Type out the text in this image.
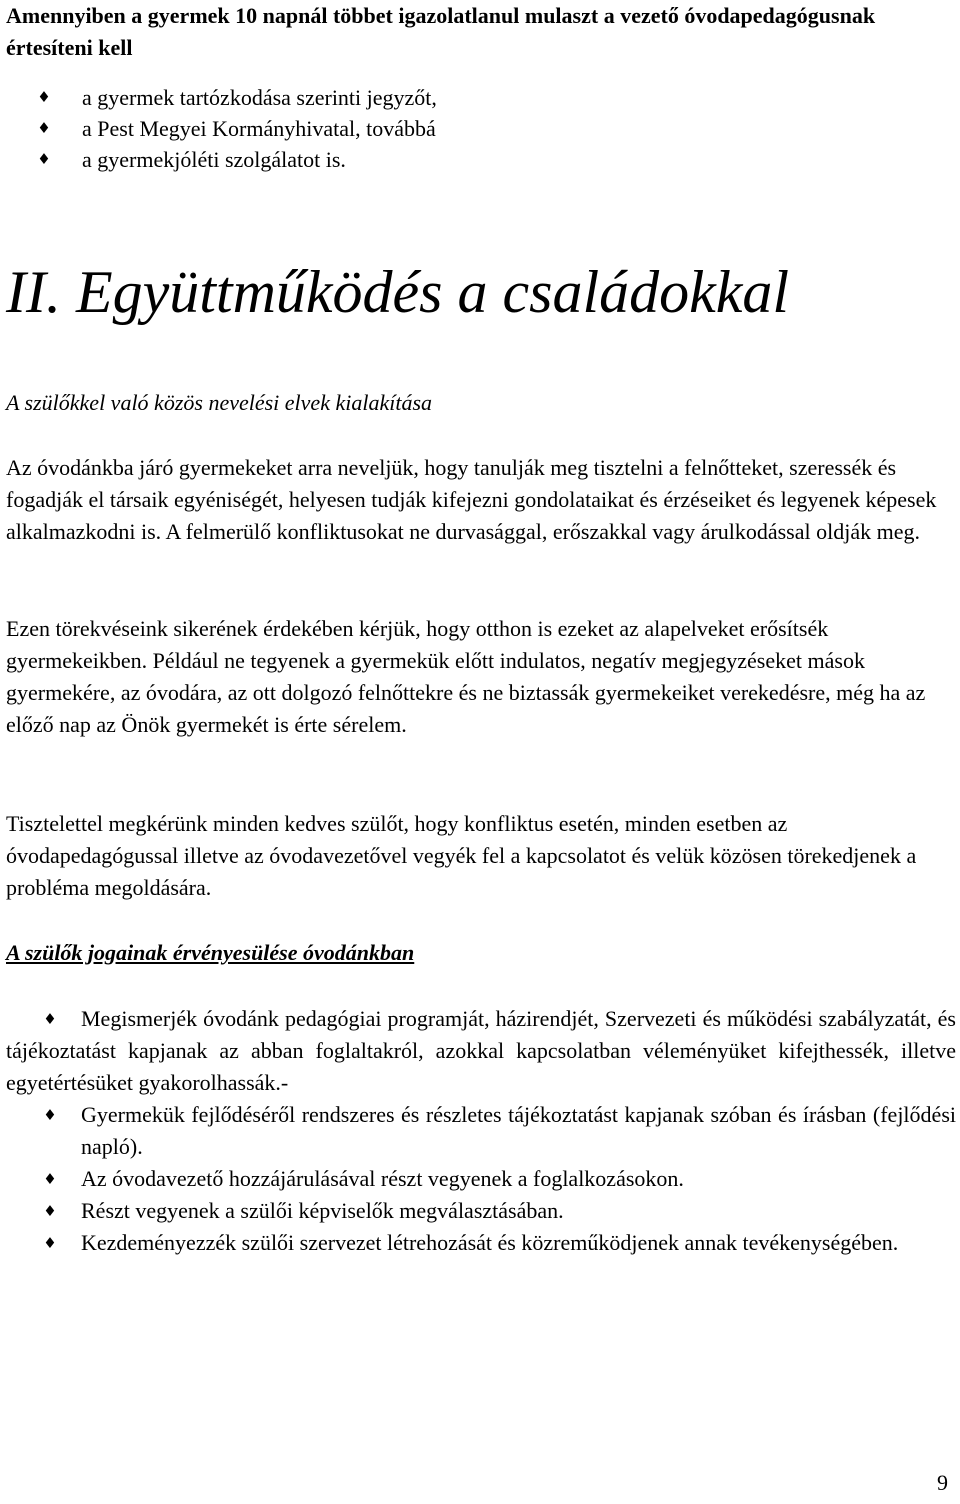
Amennyiben a gyermek 10 napnál többet igazolatlanul mulaszt a vezető óvodapedagógusnak értesíteni kell
♦ a gyermek tartózkodása szerinti jegyzőt,
♦ a Pest Megyei Kormányhivatal, továbbá
♦ a gyermekjóléti szolgálatot is.
II. Együttműködés a családokkal
A szülőkkel való közös nevelési elvek kialakítása

Az óvodánkba járó gyermekeket arra neveljük, hogy tanulják meg tisztelni a felnőtteket, szeressék és fogadják el társaik egyéniségét, helyesen tudják kifejezni gondolataikat és érzéseiket és legyenek képesek alkalmazkodni is. A felmerülő konfliktusokat ne durvasággal, erőszakkal vagy árulkodással oldják meg.

Ezen törekvéseink sikerének érdekében kérjük, hogy otthon is ezeket az alapelveket erősítsék gyermekeikben. Például ne tegyenek a gyermekük előtt indulatos, negatív megjegyzéseket mások gyermekére, az óvodára, az ott dolgozó felnőttekre és ne biztassák gyermekeiket verekedésre, még ha az előző nap az Önök gyermekét is érte sérelem.

Tisztelettel megkérünk minden kedves szülőt, hogy konfliktus esetén, minden esetben az óvodapedagógussal illetve az óvodavezetővel vegyék fel a kapcsolatot és velük közösen törekedjenek a probléma megoldására.

A szülők jogainak érvényesülése óvodánkban
♦ Megismerjék óvodánk pedagógiai programját, házirendjét, Szervezeti és működési szabályzatát, és tájékoztatást kapjanak az abban foglaltakról, azokkal kapcsolatban véleményüket kifejthessék, illetve egyetértésüket gyakorolhassák.-
♦ Gyermekük fejlődéséről rendszeres és részletes tájékoztatást kapjanak szóban és írásban (fejlődési napló).
♦ Az óvodavezető hozzájárulásával részt vegyenek a foglalkozásokon.
♦ Részt vegyenek a szülői képviselők megválasztásában.
♦ Kezdeményezzék szülői szervezet létrehozását és közreműködjenek annak tevékenységében.
9
